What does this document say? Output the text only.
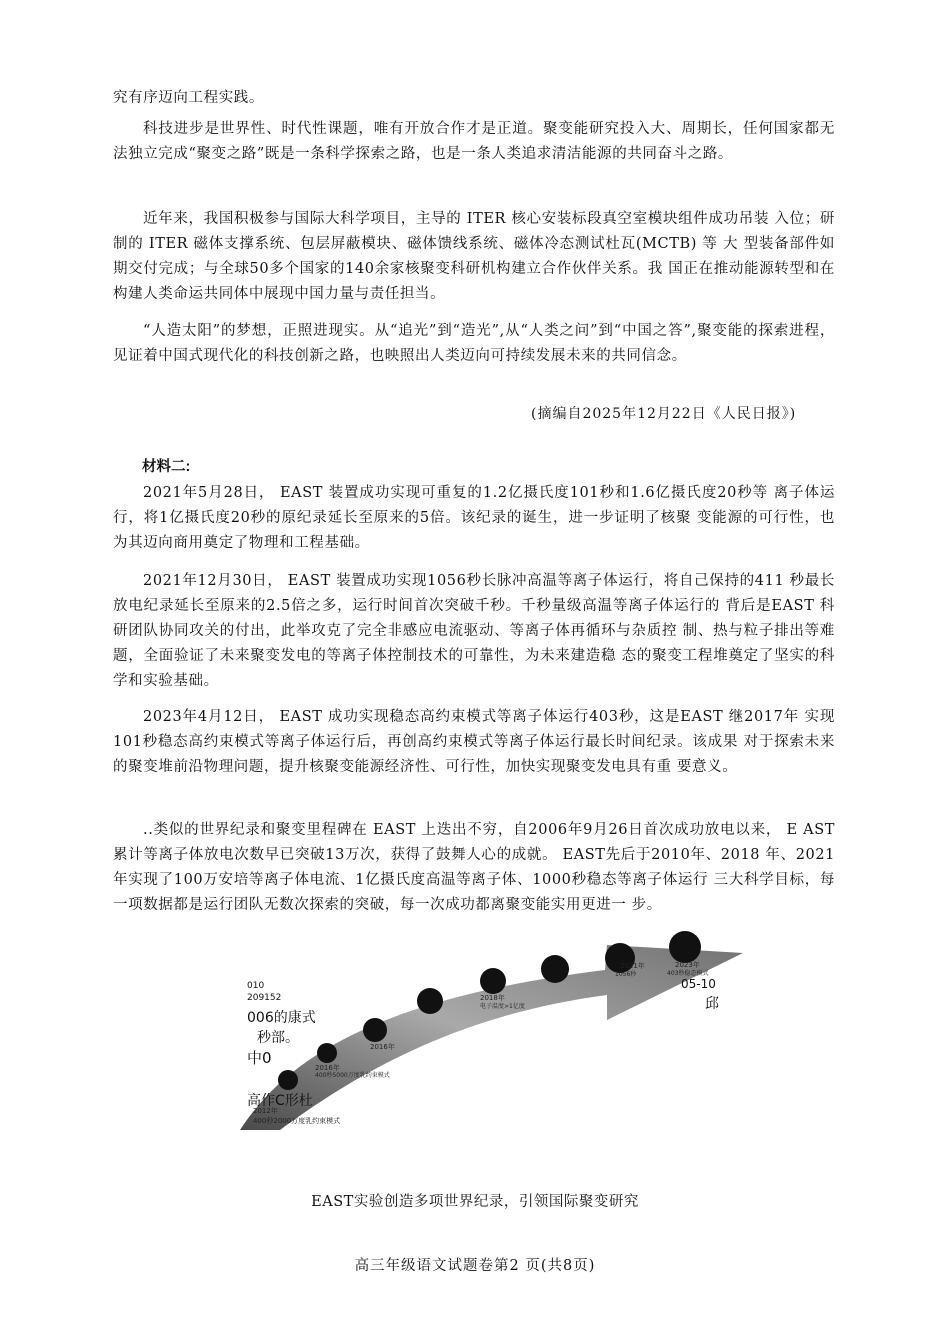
究有序迈向工程实践。

科技进步是世界性、时代性课题，唯有开放合作才是正道。聚变能研究投入大、周期长，任何国家都无法独立完成“聚变之路”既是一条科学探索之路，也是一条人类追求清洁能源的共同奋斗之路。

近年来，我国积极参与国际大科学项目，主导的 ITER 核心安装标段真空室模块组件成功吊装 入位；研制的 ITER 磁体支撑系统、包层屏蔽模块、磁体馈线系统、磁体冷态测试杜瓦(MCTB) 等 大 型装备部件如期交付完成；与全球50多个国家的140余家核聚变科研机构建立合作伙伴关系。我 国正在推动能源转型和在构建人类命运共同体中展现中国力量与责任担当。

“人造太阳”的梦想，正照进现实。从“追光”到“造光”,从“人类之问”到“中国之答”,聚变能的探索进程，见证着中国式现代化的科技创新之路，也映照出人类迈向可持续发展未来的共同信念。

(摘编自2025年12月22日《人民日报》)
材料二:

2021年5月28日， EAST 装置成功实现可重复的1.2亿摄氏度101秒和1.6亿摄氏度20秒等 离子体运行，将1亿摄氏度20秒的原纪录延长至原来的5倍。该纪录的诞生，进一步证明了核聚 变能源的可行性，也为其迈向商用奠定了物理和工程基础。

2021年12月30日， EAST 装置成功实现1056秒长脉冲高温等离子体运行，将自己保持的411 秒最长放电纪录延长至原来的2.5倍之多，运行时间首次突破千秒。千秒量级高温等离子体运行的 背后是EAST 科研团队协同攻关的付出，此举攻克了完全非感应电流驱动、等离子体再循环与杂质控 制、热与粒子排出等难题，全面验证了未来聚变发电的等离子体控制技术的可靠性，为未来建造稳 态的聚变工程堆奠定了坚实的科学和实验基础。

2023年4月12日， EAST 成功实现稳态高约束模式等离子体运行403秒，这是EAST 继2017年 实现101秒稳态高约束模式等离子体运行后，再创高约束模式等离子体运行最长时间纪录。该成果 对于探索未来的聚变堆前沿物理问题，提升核聚变能源经济性、可行性，加快实现聚变发电具有重 要意义。

..类似的世界纪录和聚变里程碑在 EAST 上迭出不穷，自2006年9月26日首次成功放电以来， E AST累计等离子体放电次数早已突破13万次，获得了鼓舞人心的成就。 EAST先后于2010年、2018 年、2021年实现了100万安培等离子体电流、1亿摄氏度高温等离子体、1000秒稳态等离子体运行 三大科学目标，每一项数据都是运行团队无数次探索的突破，每一次成功都离聚变能实用更进一 步。

2012年
400秒2000万度乳约束模式
2016年
400秒5000万度乳约束模式
2016年
2018年
电子温度>1亿度
2021年
1056秒
2023年
403秒稳态模式
010
209152
006的康式
秒部。
中0
高作C形杜
05-10
邱
EAST实验创造多项世界纪录，引领国际聚变研究
高三年级语文试题卷第2 页(共8页)
